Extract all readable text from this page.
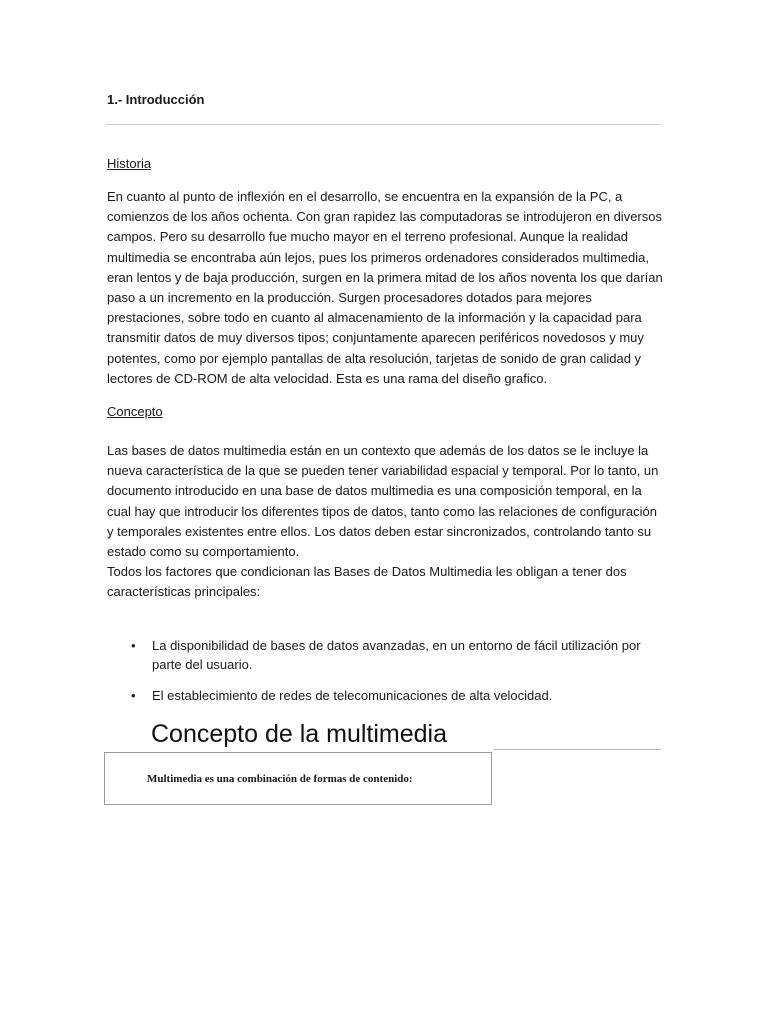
1.- Introducción

Historia

En cuanto al punto de inflexión en el desarrollo, se encuentra en la expansión de la PC, a comienzos de los años ochenta. Con gran rapidez las computadoras se introdujeron en diversos campos. Pero su desarrollo fue mucho mayor en el terreno profesional. Aunque la realidad multimedia se encontraba aún lejos, pues los primeros ordenadores considerados multimedia, eran lentos y de baja producción, surgen en la primera mitad de los años noventa los que darían paso a un incremento en la producción. Surgen procesadores dotados para mejores prestaciones, sobre todo en cuanto al almacenamiento de la información y la capacidad para transmitir datos de muy diversos tipos; conjuntamente aparecen periféricos novedosos y muy potentes, como por ejemplo pantallas de alta resolución, tarjetas de sonido de gran calidad y lectores de CD-ROM de alta velocidad. Esta es una rama del diseño grafico.

Concepto

Las bases de datos multimedia están en un contexto que además de los datos se le incluye la nueva característica de la que se pueden tener variabilidad espacial y temporal. Por lo tanto, un documento introducido en una base de datos multimedia es una composición temporal, en la cual hay que introducir los diferentes tipos de datos, tanto como las relaciones de configuración y temporales existentes entre ellos. Los datos deben estar sincronizados, controlando tanto su estado como su comportamiento.

Todos los factores que condicionan las Bases de Datos Multimedia les obligan a tener dos características principales:

• La disponibilidad de bases de datos avanzadas, en un entorno de fácil utilización por parte del usuario.
• El establecimiento de redes de telecomunicaciones de alta velocidad.
Concepto de la multimedia

Multimedia es una combinación de formas de contenido:
